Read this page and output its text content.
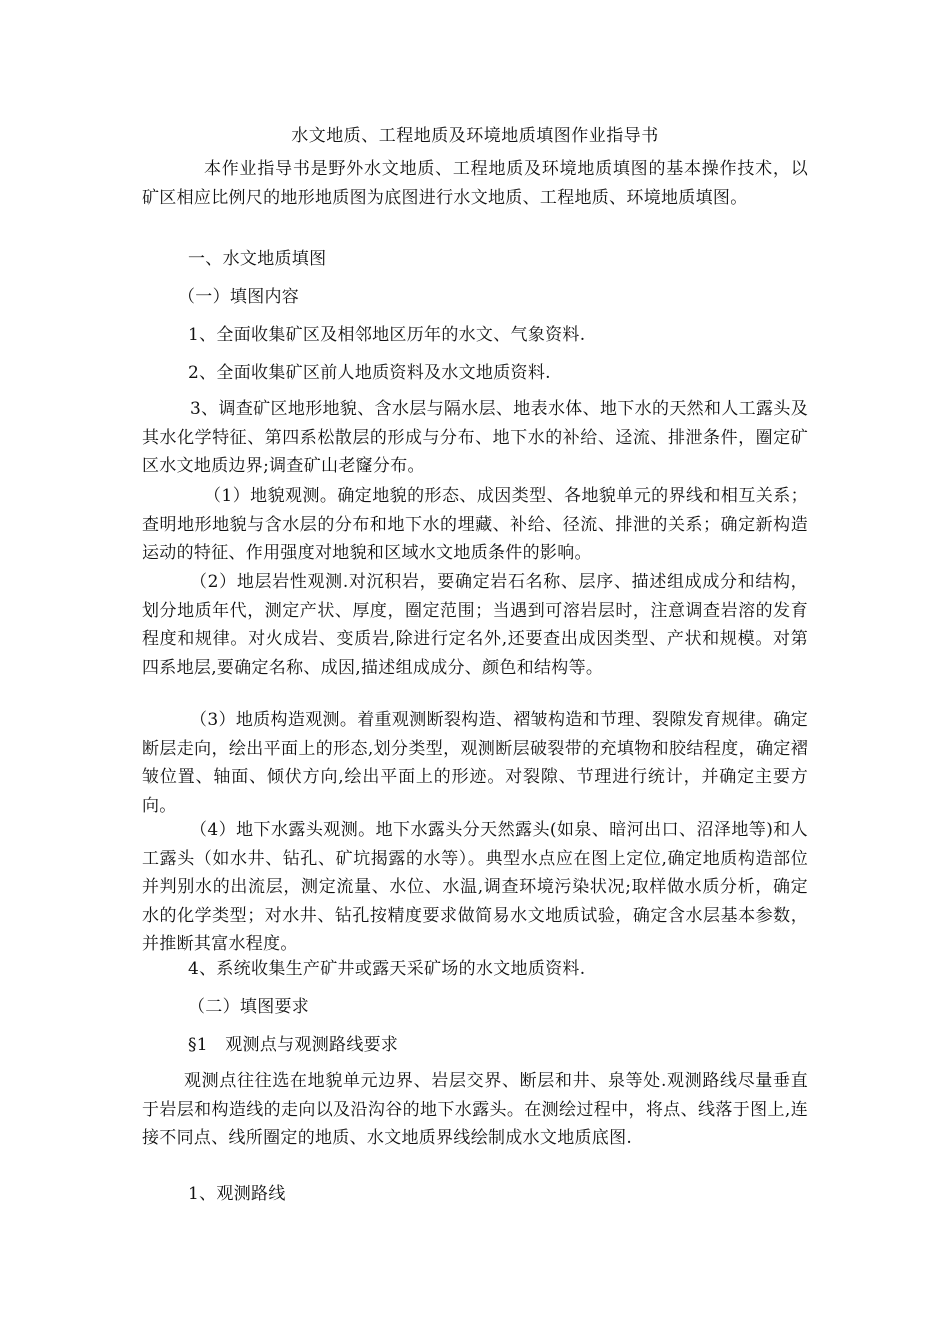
水文地质、工程地质及环境地质填图作业指导书

本作业指导书是野外水文地质、工程地质及环境地质填图的基本操作技术，以矿区相应比例尺的地形地质图为底图进行水文地质、工程地质、环境地质填图。

一、水文地质填图

（一）填图内容

1、全面收集矿区及相邻地区历年的水文、气象资料.

2、全面收集矿区前人地质资料及水文地质资料.

3、调查矿区地形地貌、含水层与隔水层、地表水体、地下水的天然和人工露头及其水化学特征、第四系松散层的形成与分布、地下水的补给、迳流、排泄条件，圈定矿区水文地质边界;调查矿山老窿分布。

（1）地貌观测。确定地貌的形态、成因类型、各地貌单元的界线和相互关系；查明地形地貌与含水层的分布和地下水的埋藏、补给、径流、排泄的关系；确定新构造运动的特征、作用强度对地貌和区域水文地质条件的影响。

（2）地层岩性观测.对沉积岩，要确定岩石名称、层序、描述组成成分和结构，划分地质年代，测定产状、厚度，圈定范围；当遇到可溶岩层时，注意调查岩溶的发育程度和规律。对火成岩、变质岩,除进行定名外,还要查出成因类型、产状和规模。对第四系地层,要确定名称、成因,描述组成成分、颜色和结构等。

（3）地质构造观测。着重观测断裂构造、褶皱构造和节理、裂隙发育规律。确定断层走向，绘出平面上的形态,划分类型，观测断层破裂带的充填物和胶结程度，确定褶皱位置、轴面、倾伏方向,绘出平面上的形迹。对裂隙、节理进行统计，并确定主要方向。

（4）地下水露头观测。地下水露头分天然露头(如泉、暗河出口、沼泽地等)和人工露头（如水井、钻孔、矿坑揭露的水等）。典型水点应在图上定位,确定地质构造部位并判别水的出流层，测定流量、水位、水温,调查环境污染状况;取样做水质分析，确定水的化学类型；对水井、钻孔按精度要求做简易水文地质试验，确定含水层基本参数，并推断其富水程度。

4、系统收集生产矿井或露天采矿场的水文地质资料.

（二）填图要求

§1　观测点与观测路线要求

观测点往往选在地貌单元边界、岩层交界、断层和井、泉等处.观测路线尽量垂直于岩层和构造线的走向以及沿沟谷的地下水露头。在测绘过程中，将点、线落于图上,连接不同点、线所圈定的地质、水文地质界线绘制成水文地质底图.

1、观测路线
